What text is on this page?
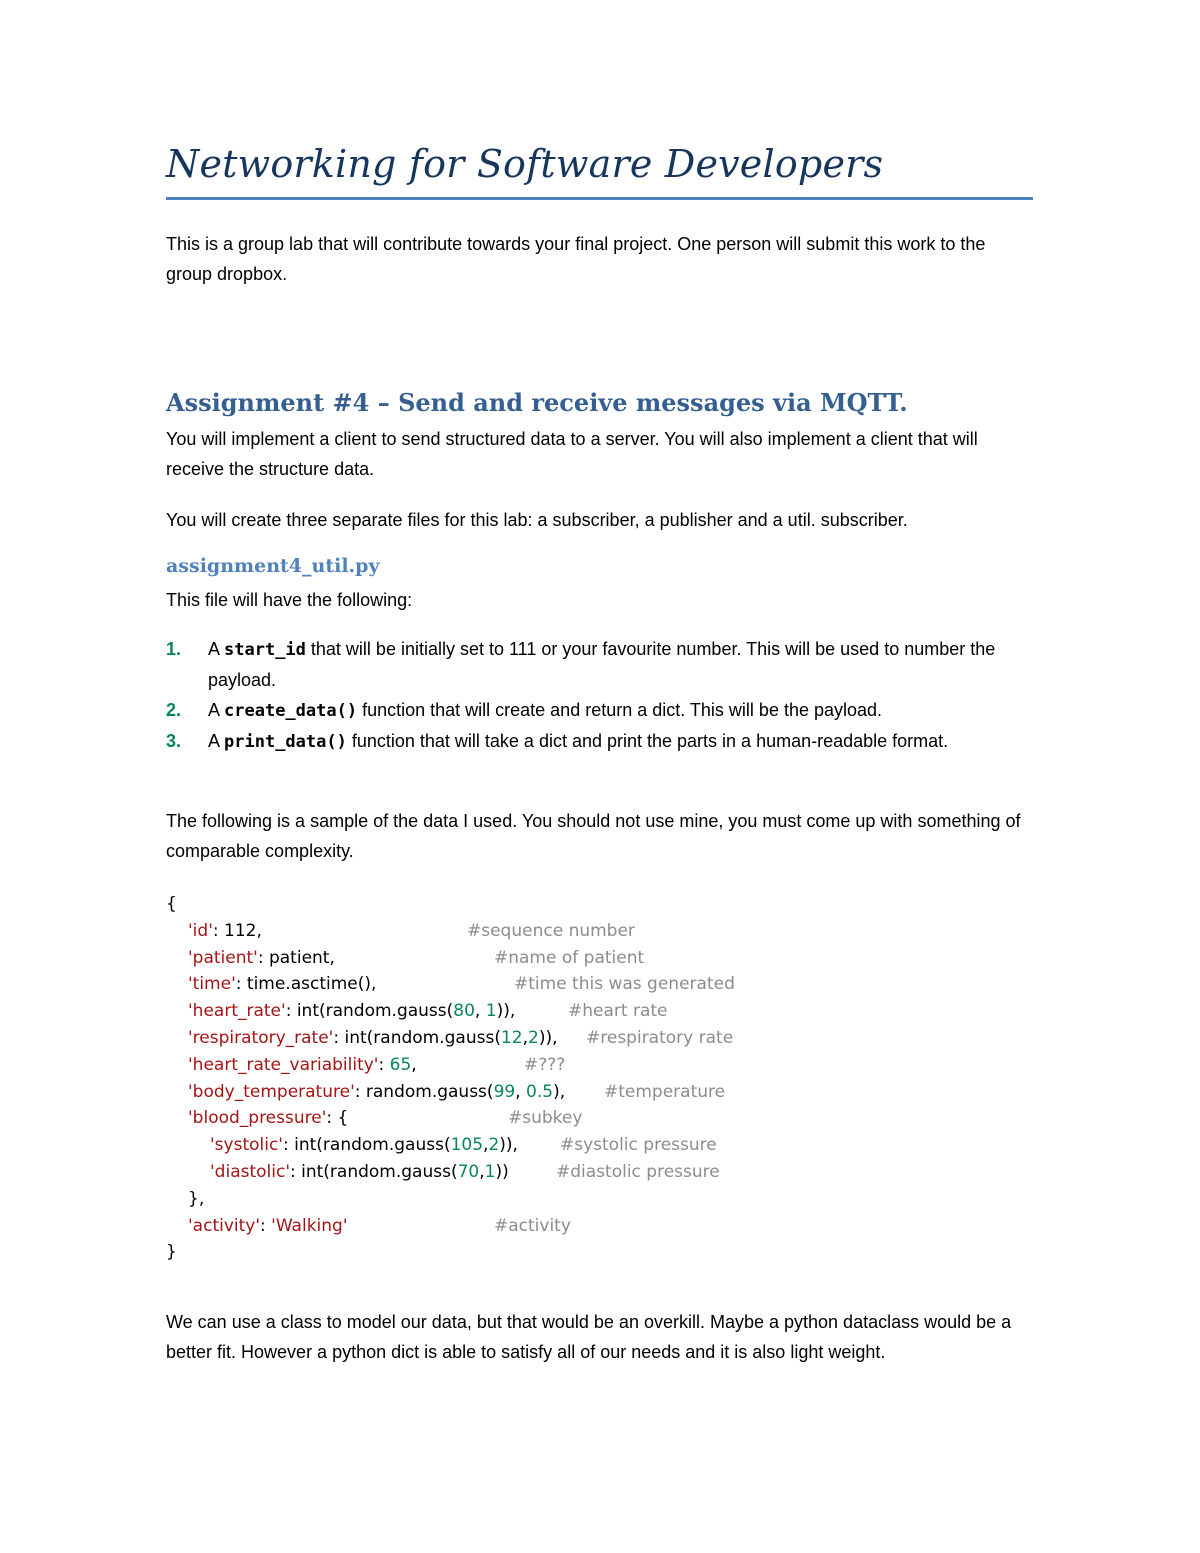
Networking for Software Developers

This is a group lab that will contribute towards your final project. One person will submit this work to the group dropbox.

Assignment #4 – Send and receive messages via MQTT.

You will implement a client to send structured data to a server. You will also implement a client that will receive the structure data.

You will create three separate files for this lab: a subscriber, a publisher and a util. subscriber.

assignment4_util.py

This file will have the following:

1. A start_id that will be initially set to 111 or your favourite number. This will be used to number the payload.
2. A create_data() function that will create and return a dict. This will be the payload.
3. A print_data() function that will take a dict and print the parts in a human-readable format.

The following is a sample of the data I used. You should not use mine, you must come up with something of comparable complexity.

{
'id': 112,	#sequence number
'patient': patient,	#name of patient
'time': time.asctime(),	#time this was generated
'heart_rate': int(random.gauss(80, 1)),	#heart rate
'respiratory_rate': int(random.gauss(12,2)), #respiratory rate
'heart_rate_variability': 65,	#???
'body_temperature': random.gauss(99, 0.5), #temperature
'blood_pressure': {	#subkey
'systolic': int(random.gauss(105,2)), #systolic pressure
'diastolic': int(random.gauss(70,1))	#diastolic pressure
},
'activity': 'Walking'	#activity
}

We can use a class to model our data, but that would be an overkill. Maybe a python dataclass would be a better fit. However a python dict is able to satisfy all of our needs and it is also light weight.
